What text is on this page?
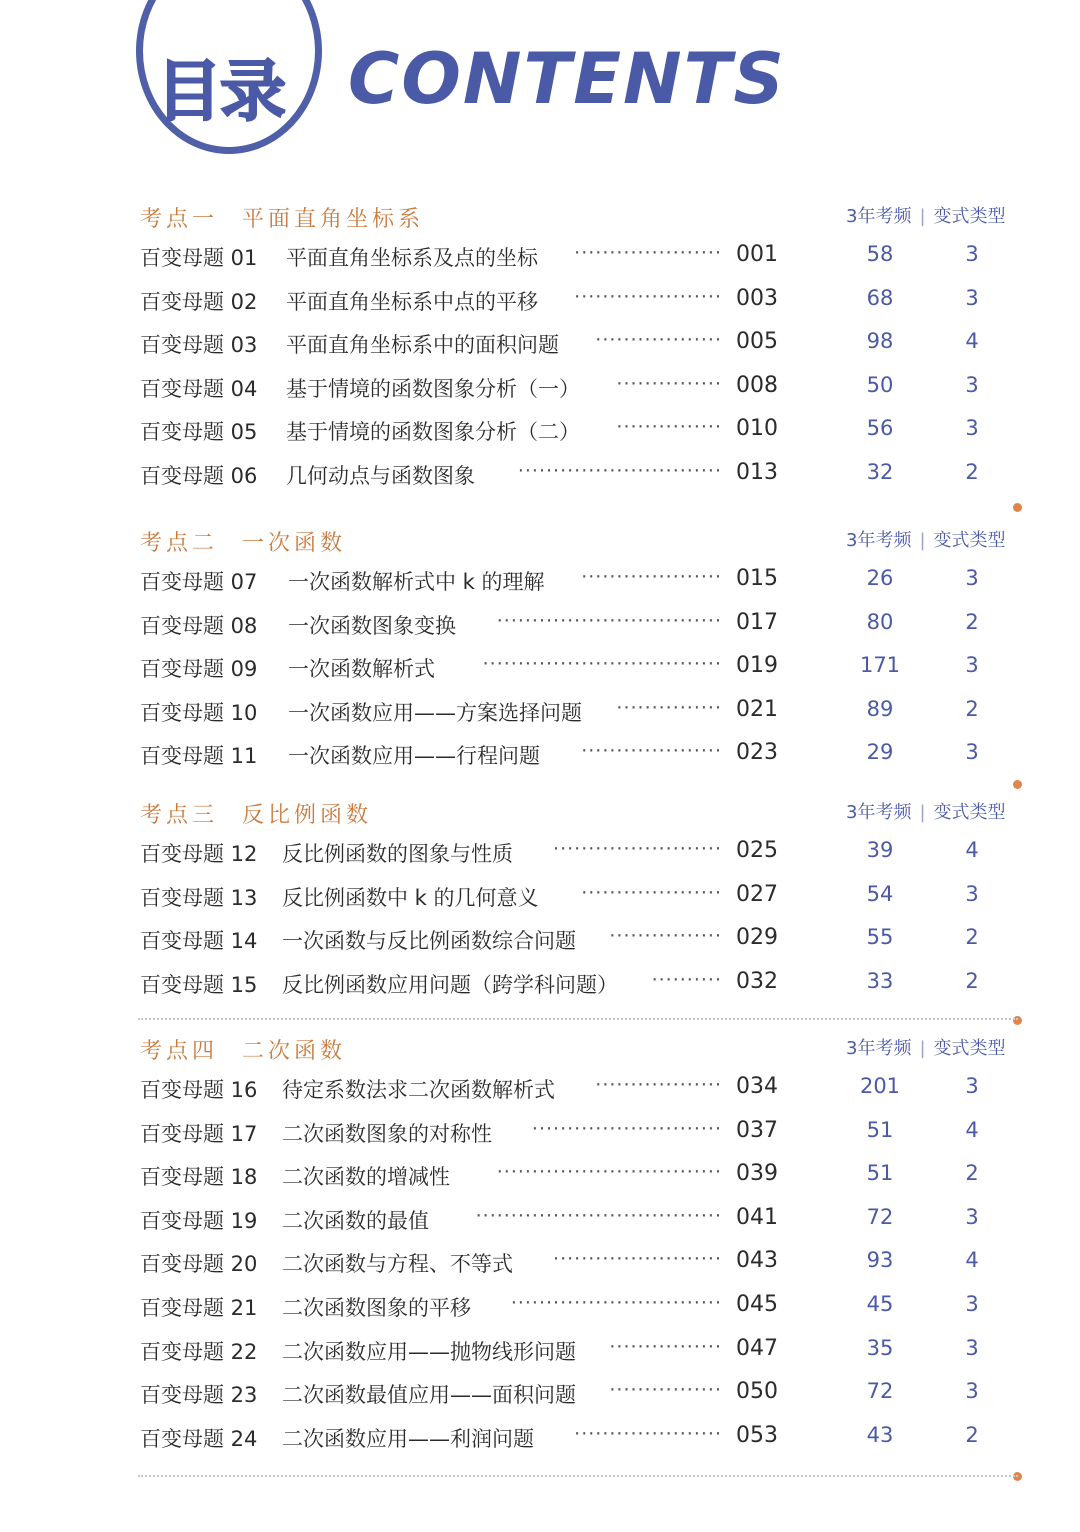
目录 CONTENTS
考点一 平面直角坐标系	3年考频 | 变式类型
百变母题 01 平面直角坐标系及点的坐标 ····················· 001	58	3
百变母题 02 平面直角坐标系中点的平移 ····················· 003	68	3
百变母题 03 平面直角坐标系中的面积问题 ·················· 005	98	4
百变母题 04 基于情境的函数图象分析（一） ··············· 008	50	3
百变母题 05 基于情境的函数图象分析（二） ··············· 010	56	3
百变母题 06 几何动点与函数图象 ····························· 013	32	2
考点二 一次函数	3年考频 | 变式类型
百变母题 07 一次函数解析式中 k 的理解 ···················· 015	26	3
百变母题 08 一次函数图象变换 ································ 017	80	2
百变母题 09 一次函数解析式	·································· 019	171	3
百变母题 10 一次函数应用——方案选择问题 ··············· 021	89	2
百变母题 11 一次函数应用——行程问题 ···················· 023	29	3
考点三 反比例函数	3年考频 | 变式类型
百变母题 12 反比例函数的图象与性质 ························ 025	39	4
百变母题 13 反比例函数中 k 的几何意义 ···················· 027	54	3
百变母题 14 一次函数与反比例函数综合问题 ················ 029	55	2
百变母题 15 反比例函数应用问题（跨学科问题） ·········· 032	33	2
考点四 二次函数	3年考频 | 变式类型
百变母题 16 待定系数法求二次函数解析式 ·················· 034	201	3
百变母题 17 二次函数图象的对称性 ··························· 037	51	4
百变母题 18 二次函数的增减性 ································ 039	51	2
百变母题 19 二次函数的最值 ··································· 041	72	3
百变母题 20 二次函数与方程、不等式 ························ 043	93	4
百变母题 21 二次函数图象的平移 ······························ 045	45	3
百变母题 22 二次函数应用——抛物线形问题 ················ 047	35	3
百变母题 23 二次函数最值应用——面积问题 ················ 050	72	3
百变母题 24 二次函数应用——利润问题 ····················· 053	43	2
